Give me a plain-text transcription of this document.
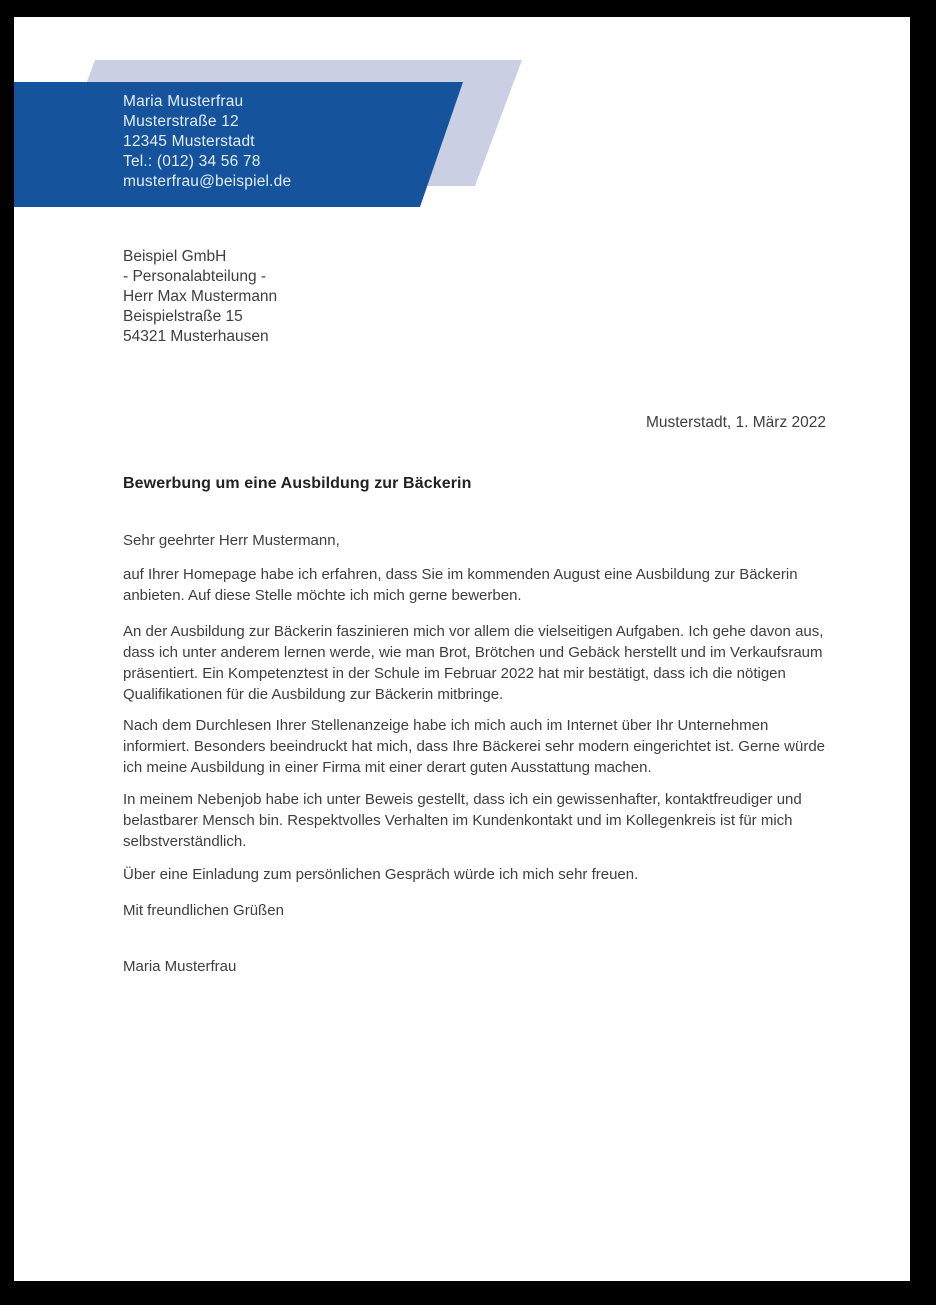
Maria Musterfrau
Musterstraße 12
12345 Musterstadt
Tel.: (012) 34 56 78
musterfrau@beispiel.de
Beispiel GmbH
- Personalabteilung -
Herr Max Mustermann
Beispielstraße 15
54321 Musterhausen
Musterstadt, 1. März 2022
Bewerbung um eine Ausbildung zur Bäckerin

Sehr geehrter Herr Mustermann,

auf Ihrer Homepage habe ich erfahren, dass Sie im kommenden August eine Ausbildung zur Bäckerin anbieten. Auf diese Stelle möchte ich mich gerne bewerben.

An der Ausbildung zur Bäckerin faszinieren mich vor allem die vielseitigen Aufgaben. Ich gehe davon aus, dass ich unter anderem lernen werde, wie man Brot, Brötchen und Gebäck herstellt und im Verkaufsraum präsentiert. Ein Kompetenztest in der Schule im Februar 2022 hat mir bestätigt, dass ich die nötigen Qualifikationen für die Ausbildung zur Bäckerin mitbringe.

Nach dem Durchlesen Ihrer Stellenanzeige habe ich mich auch im Internet über Ihr Unternehmen informiert. Besonders beeindruckt hat mich, dass Ihre Bäckerei sehr modern eingerichtet ist. Gerne würde ich meine Ausbildung in einer Firma mit einer derart guten Ausstattung machen.

In meinem Nebenjob habe ich unter Beweis gestellt, dass ich ein gewissenhafter, kontaktfreudiger und belastbarer Mensch bin. Respektvolles Verhalten im Kundenkontakt und im Kollegenkreis ist für mich selbstverständlich.

Über eine Einladung zum persönlichen Gespräch würde ich mich sehr freuen.

Mit freundlichen Grüßen

Maria Musterfrau
